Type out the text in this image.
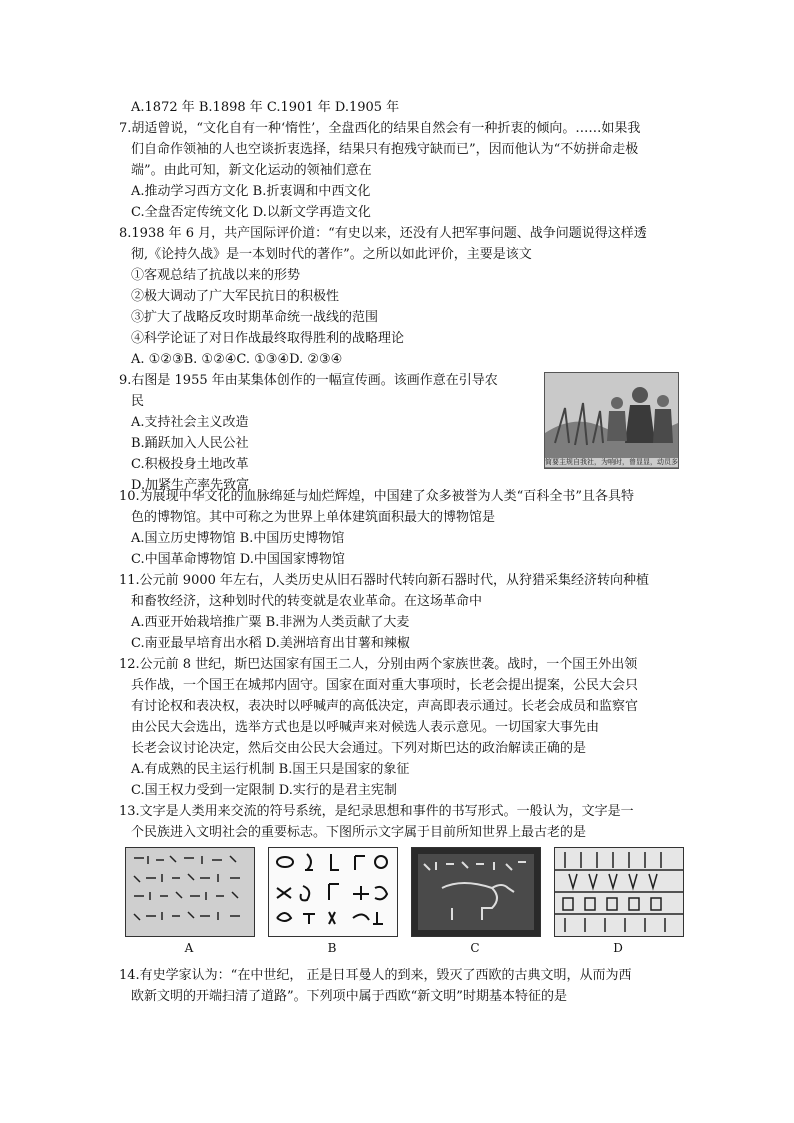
A.1872 年 B.1898 年 C.1901 年 D.1905 年
7.胡适曾说，“文化自有一种‘惰性’，全盘西化的结果自然会有一种折衷的倾向。……如果我
们自命作领袖的人也空谈折衷选择，结果只有抱残守缺而已”，因而他认为“不妨拼命走极
端”。由此可知，新文化运动的领袖们意在
A.推动学习西方文化 B.折衷调和中西文化
C.全盘否定传统文化 D.以新文学再造文化
8.1938 年 6 月，共产国际评价道：“有史以来，还没有人把军事问题、战争问题说得这样透
彻,《论持久战》是一本划时代的著作”。之所以如此评价，主要是该文
①客观总结了抗战以来的形势
②极大调动了广大军民抗日的积极性
③扩大了战略反攻时期革命统一战线的范围
④科学论证了对日作战最终取得胜利的战略理论
A. ①②③B. ①②④C. ①③④D. ②③④
9.右图是 1955 年由某集体创作的一幅宣传画。该画作意在引导农
民
A.支持社会主义改造
B.踊跃加入人民公社
C.积极投身土地改革
D.加紧生产率先致富
简要主规自我社，为响时，曾显显，动员多
10.为展现中华文化的血脉绵延与灿烂辉煌，中国建了众多被誉为人类“百科全书”且各具特
色的博物馆。其中可称之为世界上单体建筑面积最大的博物馆是
A.国立历史博物馆 B.中国历史博物馆
C.中国革命博物馆 D.中国国家博物馆
11.公元前 9000 年左右，人类历史从旧石器时代转向新石器时代，从狩猎采集经济转向种植
和畜牧经济，这种划时代的转变就是农业革命。在这场革命中
A.西亚开始栽培推广粟 B.非洲为人类贡献了大麦
C.南亚最早培育出水稻 D.美洲培育出甘薯和辣椒
12.公元前 8 世纪，斯巴达国家有国王二人，分别由两个家族世袭。战时，一个国王外出领
兵作战，一个国王在城邦内固守。国家在面对重大事项时，长老会提出提案，公民大会只
有讨论权和表决权，表决时以呼喊声的高低决定，声高即表示通过。长老会成员和监察官
由公民大会选出，选举方式也是以呼喊声来对候选人表示意见。一切国家大事先由
长老会议讨论决定，然后交由公民大会通过。下列对斯巴达的政治解读正确的是
A.有成熟的民主运行机制 B.国王只是国家的象征
C.国王权力受到一定限制 D.实行的是君主宪制
13.文字是人类用来交流的符号系统，是纪录思想和事件的书写形式。一般认为，文字是一
个民族进入文明社会的重要标志。下图所示文字属于目前所知世界上最古老的是
A	B	C	D
14.有史学家认为：“在中世纪， 正是日耳曼人的到来，毁灭了西欧的古典文明，从而为西
欧新文明的开端扫清了道路”。下列项中属于西欧“新文明”时期基本特征的是
